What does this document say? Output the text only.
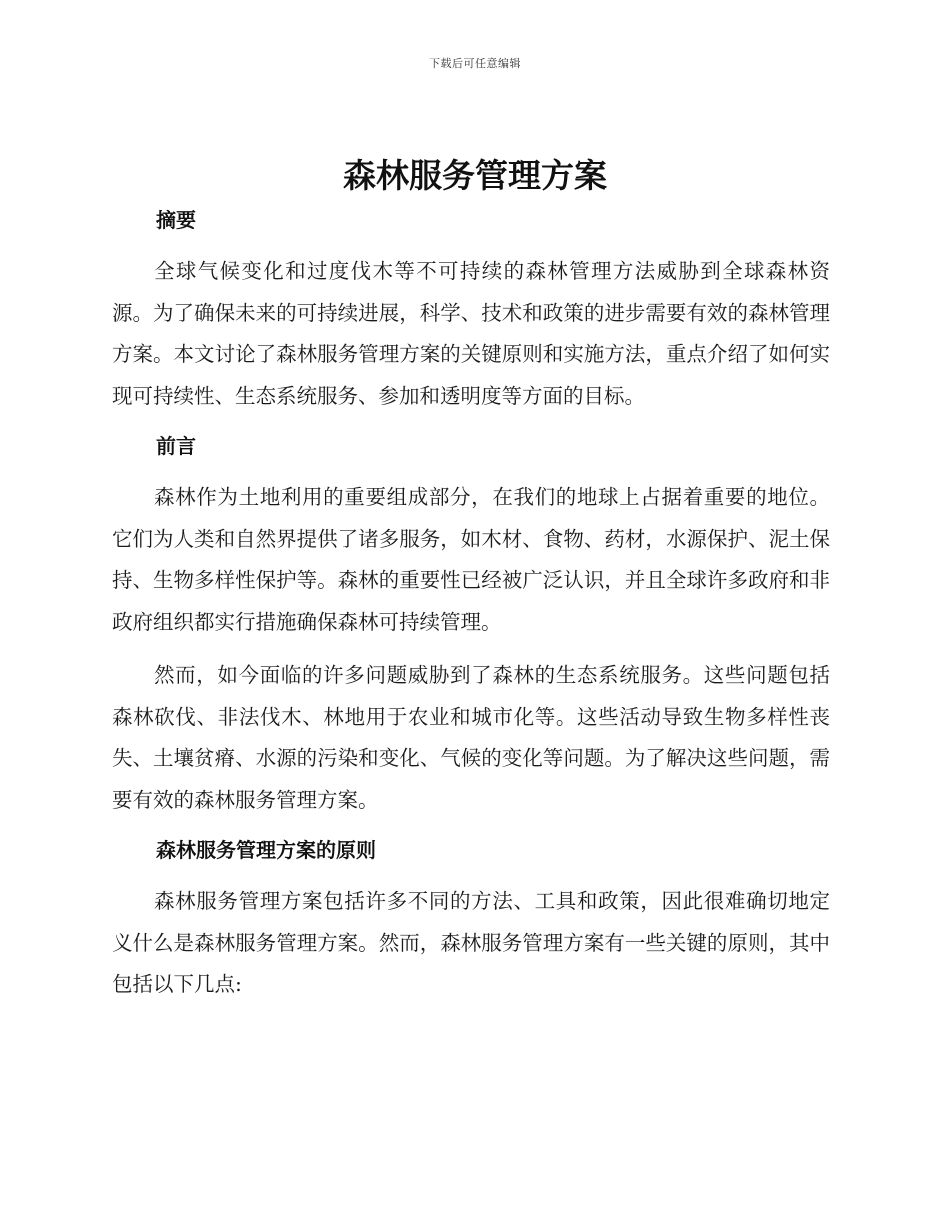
下载后可任意编辑
森林服务管理方案
摘要

全球气候变化和过度伐木等不可持续的森林管理方法威胁到全球森林资源。为了确保未来的可持续进展，科学、技术和政策的进步需要有效的森林管理方案。本文讨论了森林服务管理方案的关键原则和实施方法，重点介绍了如何实现可持续性、生态系统服务、参加和透明度等方面的目标。

前言

森林作为土地利用的重要组成部分，在我们的地球上占据着重要的地位。它们为人类和自然界提供了诸多服务，如木材、食物、药材，水源保护、泥土保持、生物多样性保护等。森林的重要性已经被广泛认识，并且全球许多政府和非政府组织都实行措施确保森林可持续管理。

然而，如今面临的许多问题威胁到了森林的生态系统服务。这些问题包括森林砍伐、非法伐木、林地用于农业和城市化等。这些活动导致生物多样性丧失、土壤贫瘠、水源的污染和变化、气候的变化等问题。为了解决这些问题，需要有效的森林服务管理方案。

森林服务管理方案的原则

森林服务管理方案包括许多不同的方法、工具和政策，因此很难确切地定义什么是森林服务管理方案。然而，森林服务管理方案有一些关键的原则，其中包括以下几点:
